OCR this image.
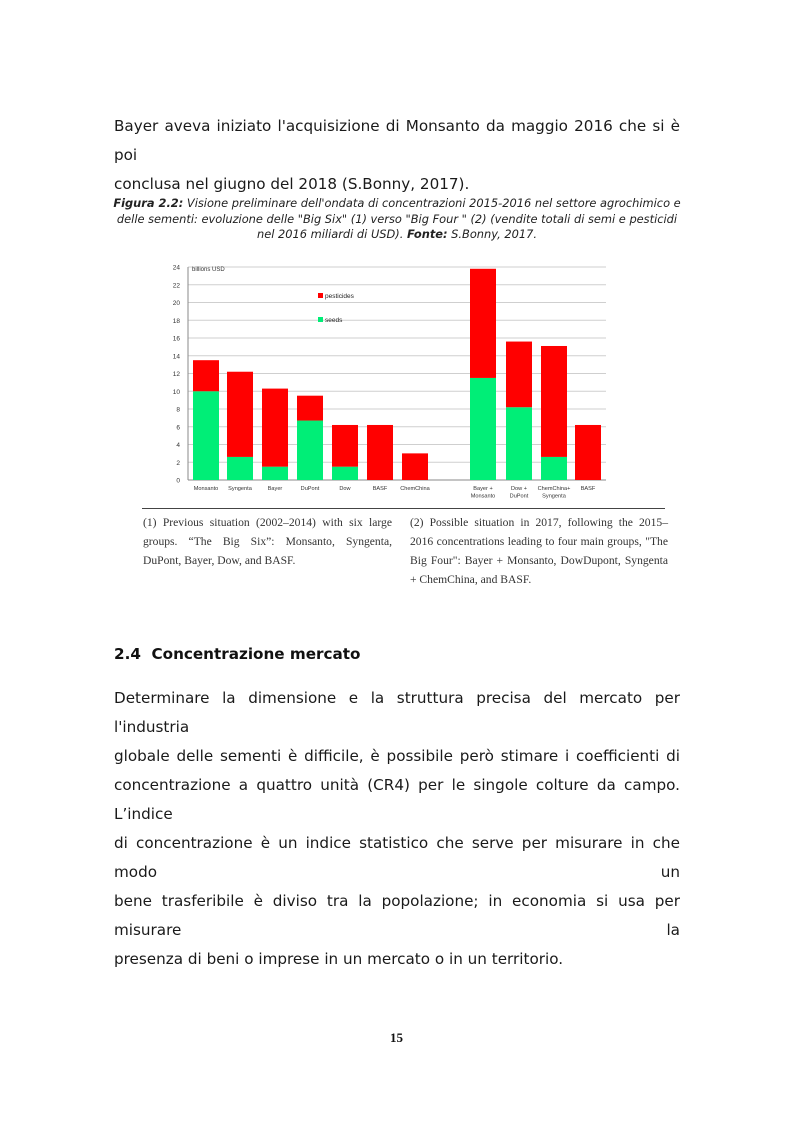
Bayer aveva iniziato l'acquisizione di Monsanto da maggio 2016 che si è poi
conclusa nel giugno del 2018 (S.Bonny, 2017).
Figura 2.2: Visione preliminare dell'ondata di concentrazioni 2015-2016 nel settore agrochimico e delle sementi: evoluzione delle "Big Six" (1) verso "Big Four " (2) (vendite totali di semi e pesticidi nel 2016 miliardi di USD). Fonte: S.Bonny, 2017.
0
2
4
6
8
10
12
14
16
18
20
22
24 billions USD
Monsanto Syngenta	Bayer	DuPont	Dow	BASF ChemChina	Bayer +
Monsanto
Dow +
DuPont
ChemChina+
Syngenta
BASF
pesticides
seeds
(1) Previous situation (2002–2014) with six large groups. “The Big Six”: Monsanto, Syngenta, DuPont, Bayer, Dow, and BASF.
(2) Possible situation in 2017, following the 2015–2016 concentrations leading to four main groups, "The Big Four": Bayer + Monsanto, DowDupont, Syngenta + ChemChina, and BASF.
2.4 Concentrazione mercato
Determinare la dimensione e la struttura precisa del mercato per l'industria
globale delle sementi è difficile, è possibile però stimare i coefficienti di
concentrazione a quattro unità (CR4) per le singole colture da campo. L’indice
di concentrazione è un indice statistico che serve per misurare in che modo un
bene trasferibile è diviso tra la popolazione; in economia si usa per misurare la
presenza di beni o imprese in un mercato o in un territorio.
15
